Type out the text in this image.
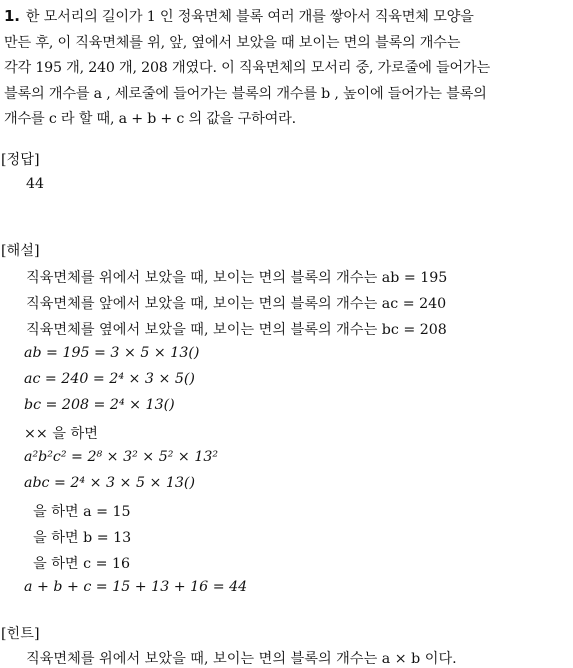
1. 한 모서리의 길이가 1 인 정육면체 블록 여러 개를 쌓아서 직육면체 모양을
만든 후, 이 직육면체를 위, 앞, 옆에서 보았을 때 보이는 면의 블록의 개수는
각각 195 개, 240 개, 208 개였다. 이 직육면체의 모서리 중, 가로줄에 들어가는
블록의 개수를 a , 세로줄에 들어가는 블록의 개수를 b , 높이에 들어가는 블록의
개수를 c 라 할 때, a + b + c 의 값을 구하여라.
[정답]
44
[해설]
직육면체를 위에서 보았을 때, 보이는 면의 블록의 개수는 ab = 195
직육면체를 앞에서 보았을 때, 보이는 면의 블록의 개수는 ac = 240
직육면체를 옆에서 보았을 때, 보이는 면의 블록의 개수는 bc = 208
ab = 195 = 3 × 5 × 13()
ac = 240 = 2⁴ × 3 × 5()
bc = 208 = 2⁴ × 13()
×× 을 하면
a²b²c² = 2⁸ × 3² × 5² × 13²
abc = 2⁴ × 3 × 5 × 13()
을 하면 a = 15
을 하면 b = 13
을 하면 c = 16
a + b + c = 15 + 13 + 16 = 44
[힌트]
직육면체를 위에서 보았을 때, 보이는 면의 블록의 개수는 a × b 이다.
